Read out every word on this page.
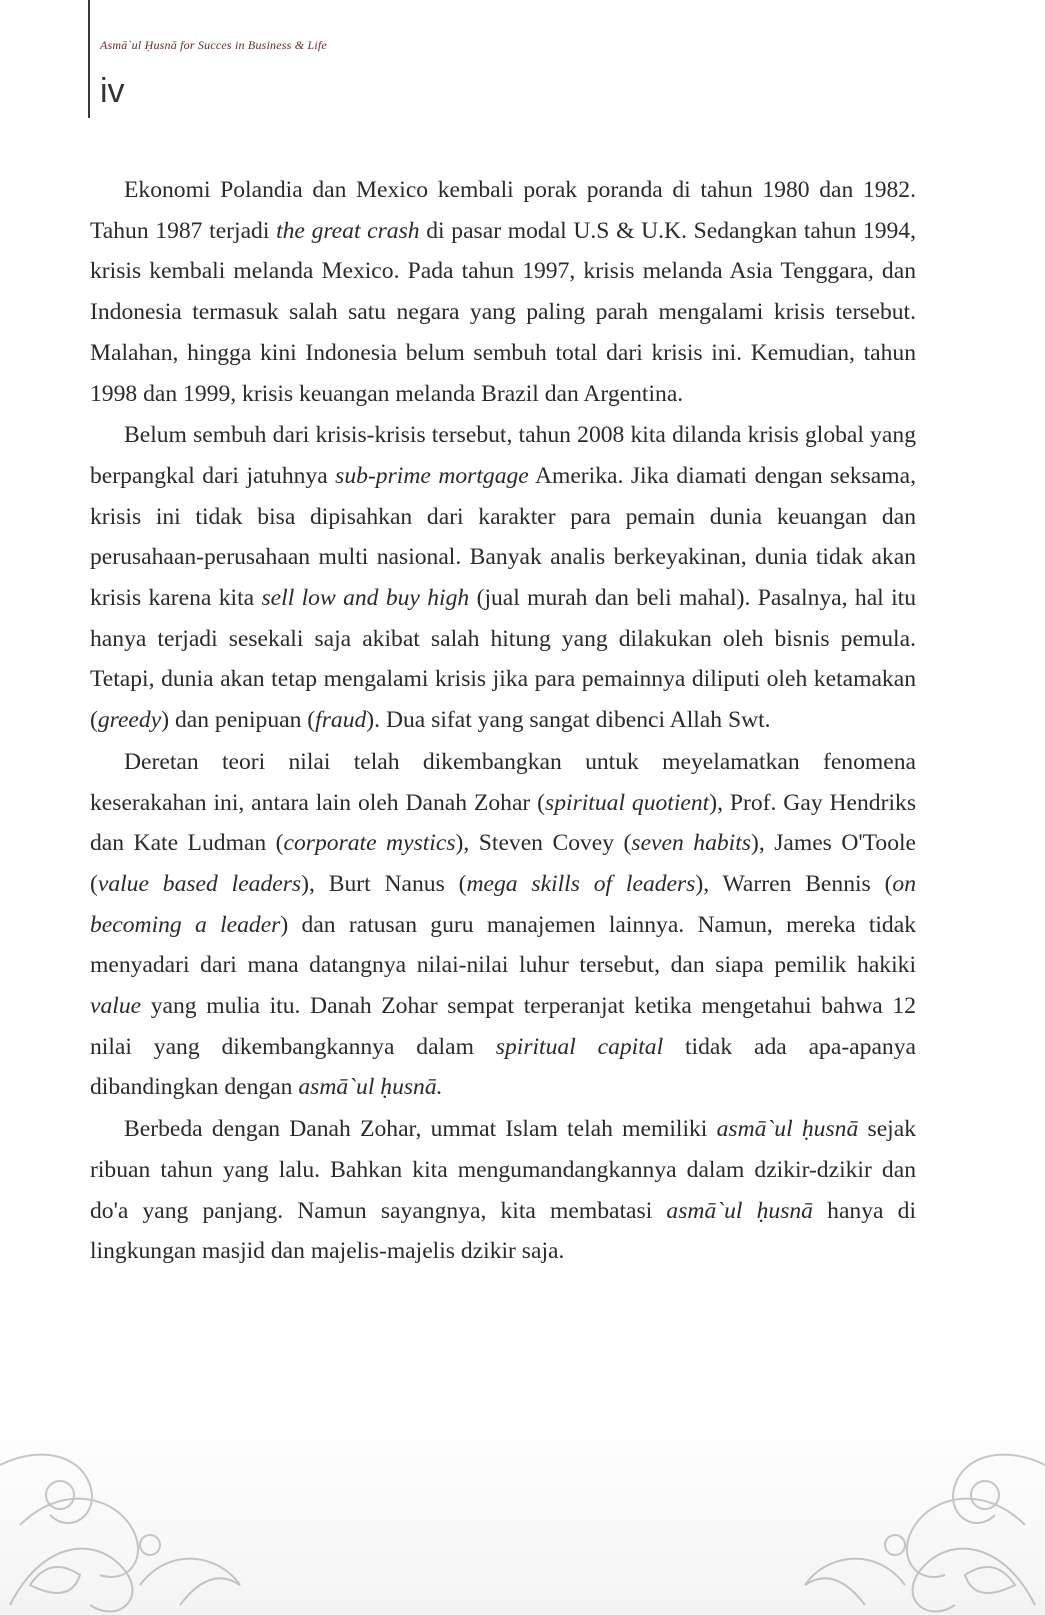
Asmā`ul Ḥusnā for Succes in Business & Life
iv

Ekonomi Polandia dan Mexico kembali porak poranda di tahun 1980 dan 1982. Tahun 1987 terjadi the great crash di pasar modal U.S & U.K. Sedangkan tahun 1994, krisis kembali melanda Mexico. Pada tahun 1997, krisis melanda Asia Tenggara, dan Indonesia termasuk salah satu negara yang paling parah mengalami krisis tersebut. Malahan, hingga kini Indonesia belum sembuh total dari krisis ini. Kemudian, tahun 1998 dan 1999, krisis keuangan melanda Brazil dan Argentina.

Belum sembuh dari krisis-krisis tersebut, tahun 2008 kita dilanda krisis global yang berpangkal dari jatuhnya sub-prime mortgage Amerika. Jika diamati dengan seksama, krisis ini tidak bisa dipisahkan dari karakter para pemain dunia keuangan dan perusahaan-perusahaan multi nasional. Banyak analis berkeyakinan, dunia tidak akan krisis karena kita sell low and buy high (jual murah dan beli mahal). Pasalnya, hal itu hanya terjadi sesekali saja akibat salah hitung yang dilakukan oleh bisnis pemula. Tetapi, dunia akan tetap mengalami krisis jika para pemainnya diliputi oleh ketamakan (greedy) dan penipuan (fraud). Dua sifat yang sangat dibenci Allah Swt.

Deretan teori nilai telah dikembangkan untuk meyelamatkan fenomena keserakahan ini, antara lain oleh Danah Zohar (spiritual quotient), Prof. Gay Hendriks dan Kate Ludman (corporate mystics), Steven Covey (seven habits), James O'Toole (value based leaders), Burt Nanus (mega skills of leaders), Warren Bennis (on becoming a leader) dan ratusan guru manajemen lainnya. Namun, mereka tidak menyadari dari mana datangnya nilai-nilai luhur tersebut, dan siapa pemilik hakiki value yang mulia itu. Danah Zohar sempat terperanjat ketika mengetahui bahwa 12 nilai yang dikembangkannya dalam spiritual capital tidak ada apa-apanya dibandingkan dengan asmā`ul ḥusnā.

Berbeda dengan Danah Zohar, ummat Islam telah memiliki asmā`ul ḥusnā sejak ribuan tahun yang lalu. Bahkan kita mengumandangkannya dalam dzikir-dzikir dan do'a yang panjang. Namun sayangnya, kita membatasi asmā`ul ḥusnā hanya di lingkungan masjid dan majelis-majelis dzikir saja.
